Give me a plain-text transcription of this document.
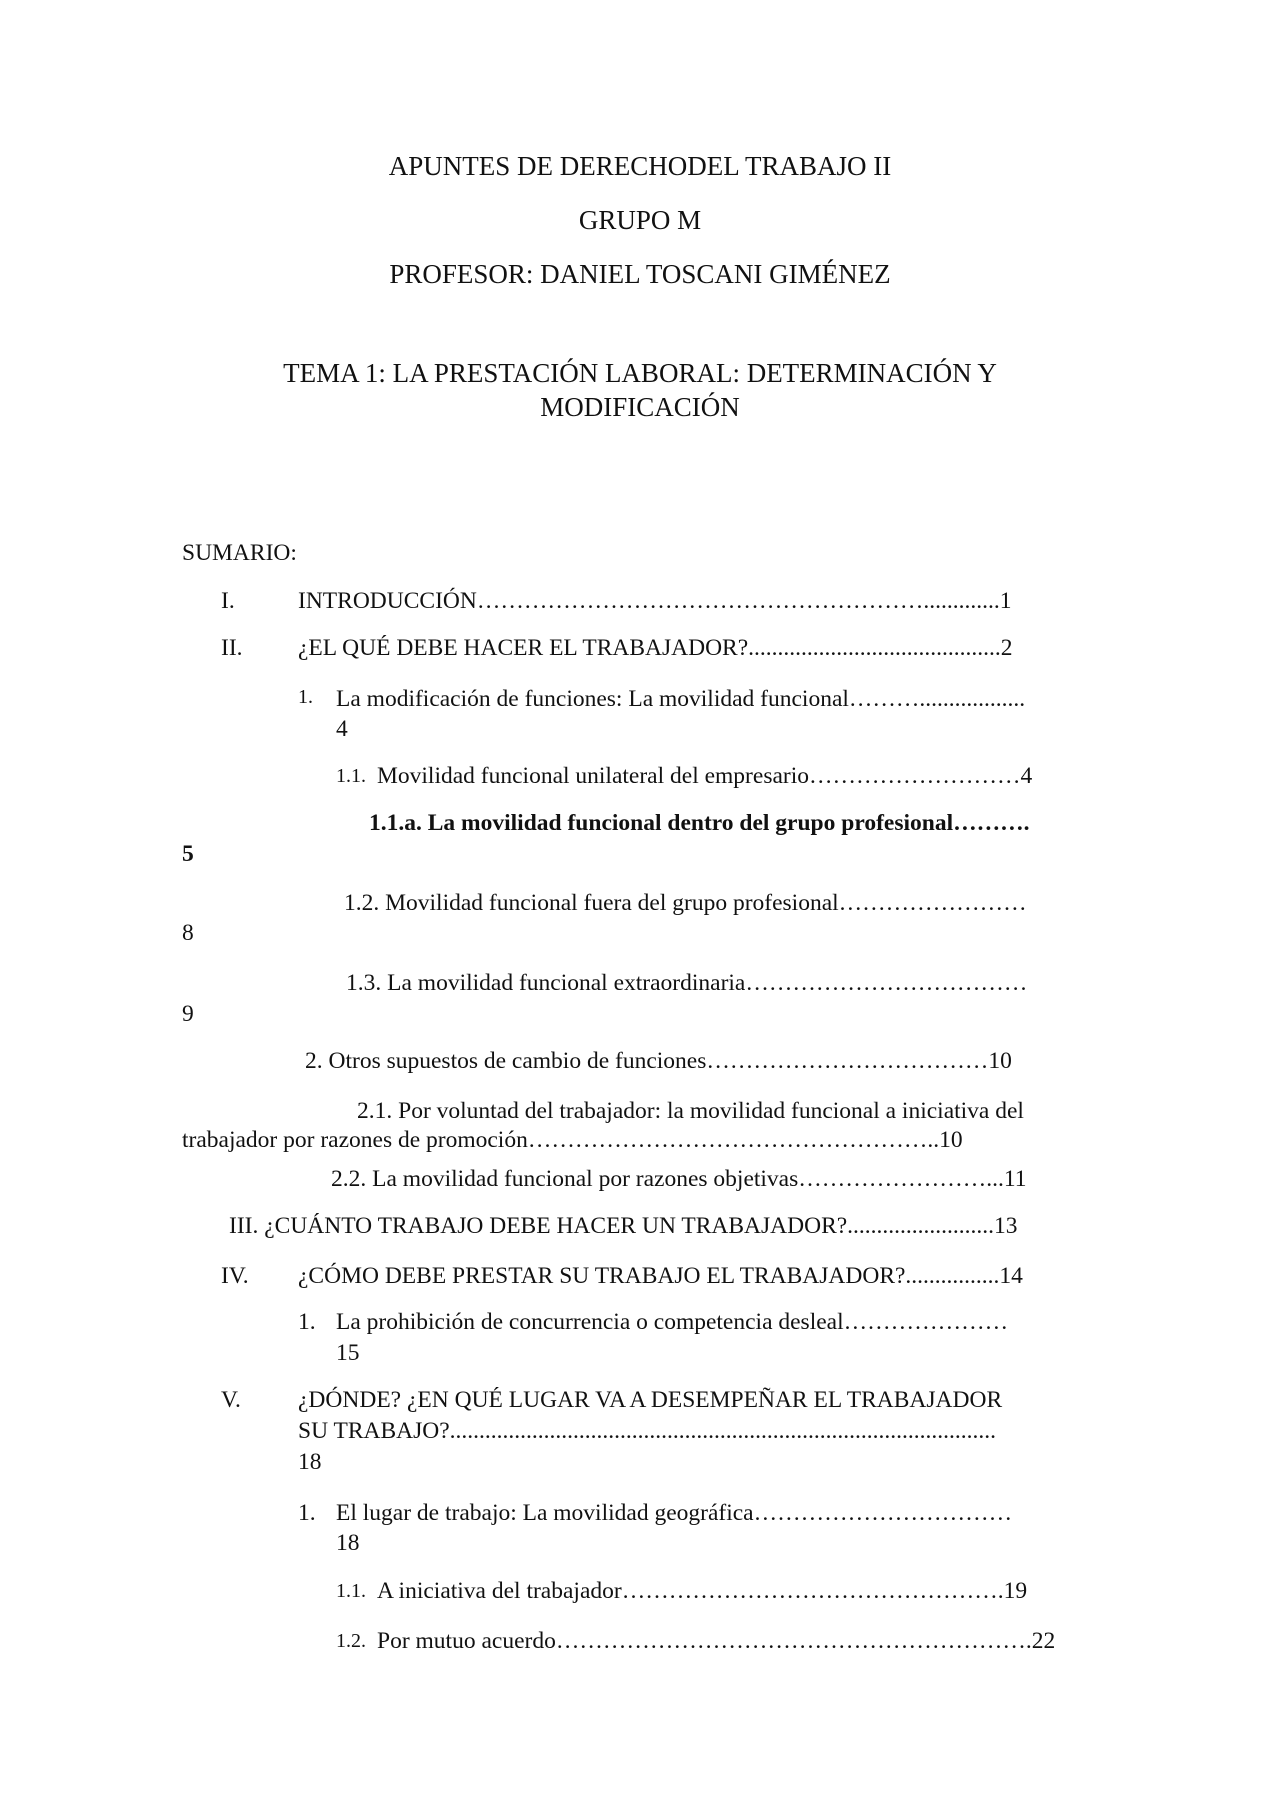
APUNTES DE DERECHODEL TRABAJO II
GRUPO M
PROFESOR: DANIEL TOSCANI GIMÉNEZ
TEMA 1: LA PRESTACIÓN LABORAL: DETERMINACIÓN Y
MODIFICACIÓN
SUMARIO:
I.	INTRODUCCIÓN………………………………………………….............1
II. ¿EL QUÉ DEBE HACER EL TRABAJADOR?...........................................2
1. La modificación de funciones: La movilidad funcional………..................
4
1.1. Movilidad funcional unilateral del empresario………………………4
1.1.a. La movilidad funcional dentro del grupo profesional……….
5
1.2. Movilidad funcional fuera del grupo profesional……………………
8
1.3. La movilidad funcional extraordinaria………………………………
9
2. Otros supuestos de cambio de funciones………………………………10
2.1. Por voluntad del trabajador: la movilidad funcional a iniciativa del
trabajador por razones de promoción……………………………………………..10
2.2. La movilidad funcional por razones objetivas……………………...11
III. ¿CUÁNTO TRABAJO DEBE HACER UN TRABAJADOR?.........................13
IV. ¿CÓMO DEBE PRESTAR SU TRABAJO EL TRABAJADOR?................14
1. La prohibición de concurrencia o competencia desleal…………………
15
V. ¿DÓNDE? ¿EN QUÉ LUGAR VA A DESEMPEÑAR EL TRABAJADOR
SU TRABAJO?.............................................................................................
18
1. El lugar de trabajo: La movilidad geográfica……………………………
18
1.1. A iniciativa del trabajador………………………………………….19
1.2. Por mutuo acuerdo…………………………………………………….22
